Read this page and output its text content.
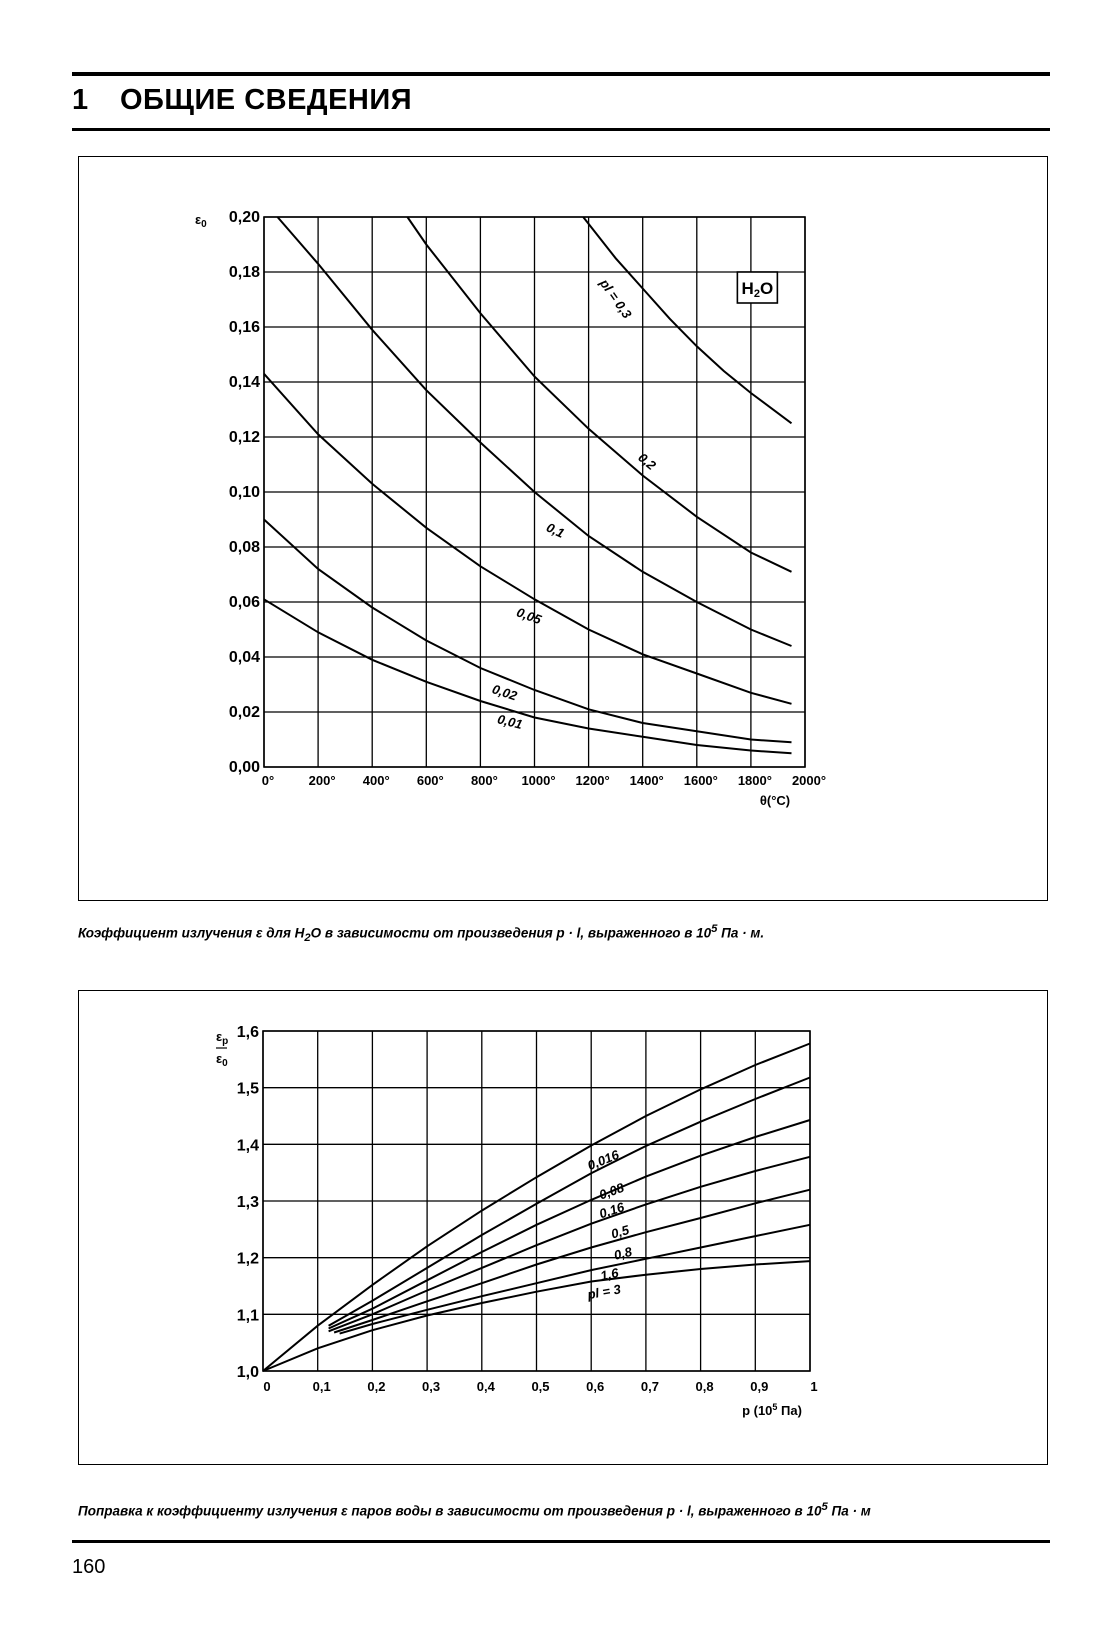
1 ОБЩИЕ СВЕДЕНИЯ
0,00
0,02
0,04
0,06
0,08
0,10
0,12
0,14
0,16
0,18
0,20
0°	200° 400° 600° 800° 1000° 1200° 1400° 1600° 1800° 2000°
$\varepsilon_0$
θ(°C)
H2O
0,01
0,02
0,05
0,1
0,2
pl = 0,3
Коэффициент излучения ε для $H_2O$ в зависимости от произведения p · l, выраженного в $10^5$ Па · м.
1,0
1,1
1,2
1,3
1,4
1,5
1,6
0	0,1	0,2	0,3	0,4	0,5	0,6	0,7	0,8	0,9	1
$\varepsilon_p$
$\varepsilon_0$
p ($10^5$ Па)
0,016
0,08
0,16
0,5
0,8
1,6
pl = 3
Поправка к коэффициенту излучения ε паров воды в зависимости от произведения p · l, выраженного в $10^5$ Па · м
160
